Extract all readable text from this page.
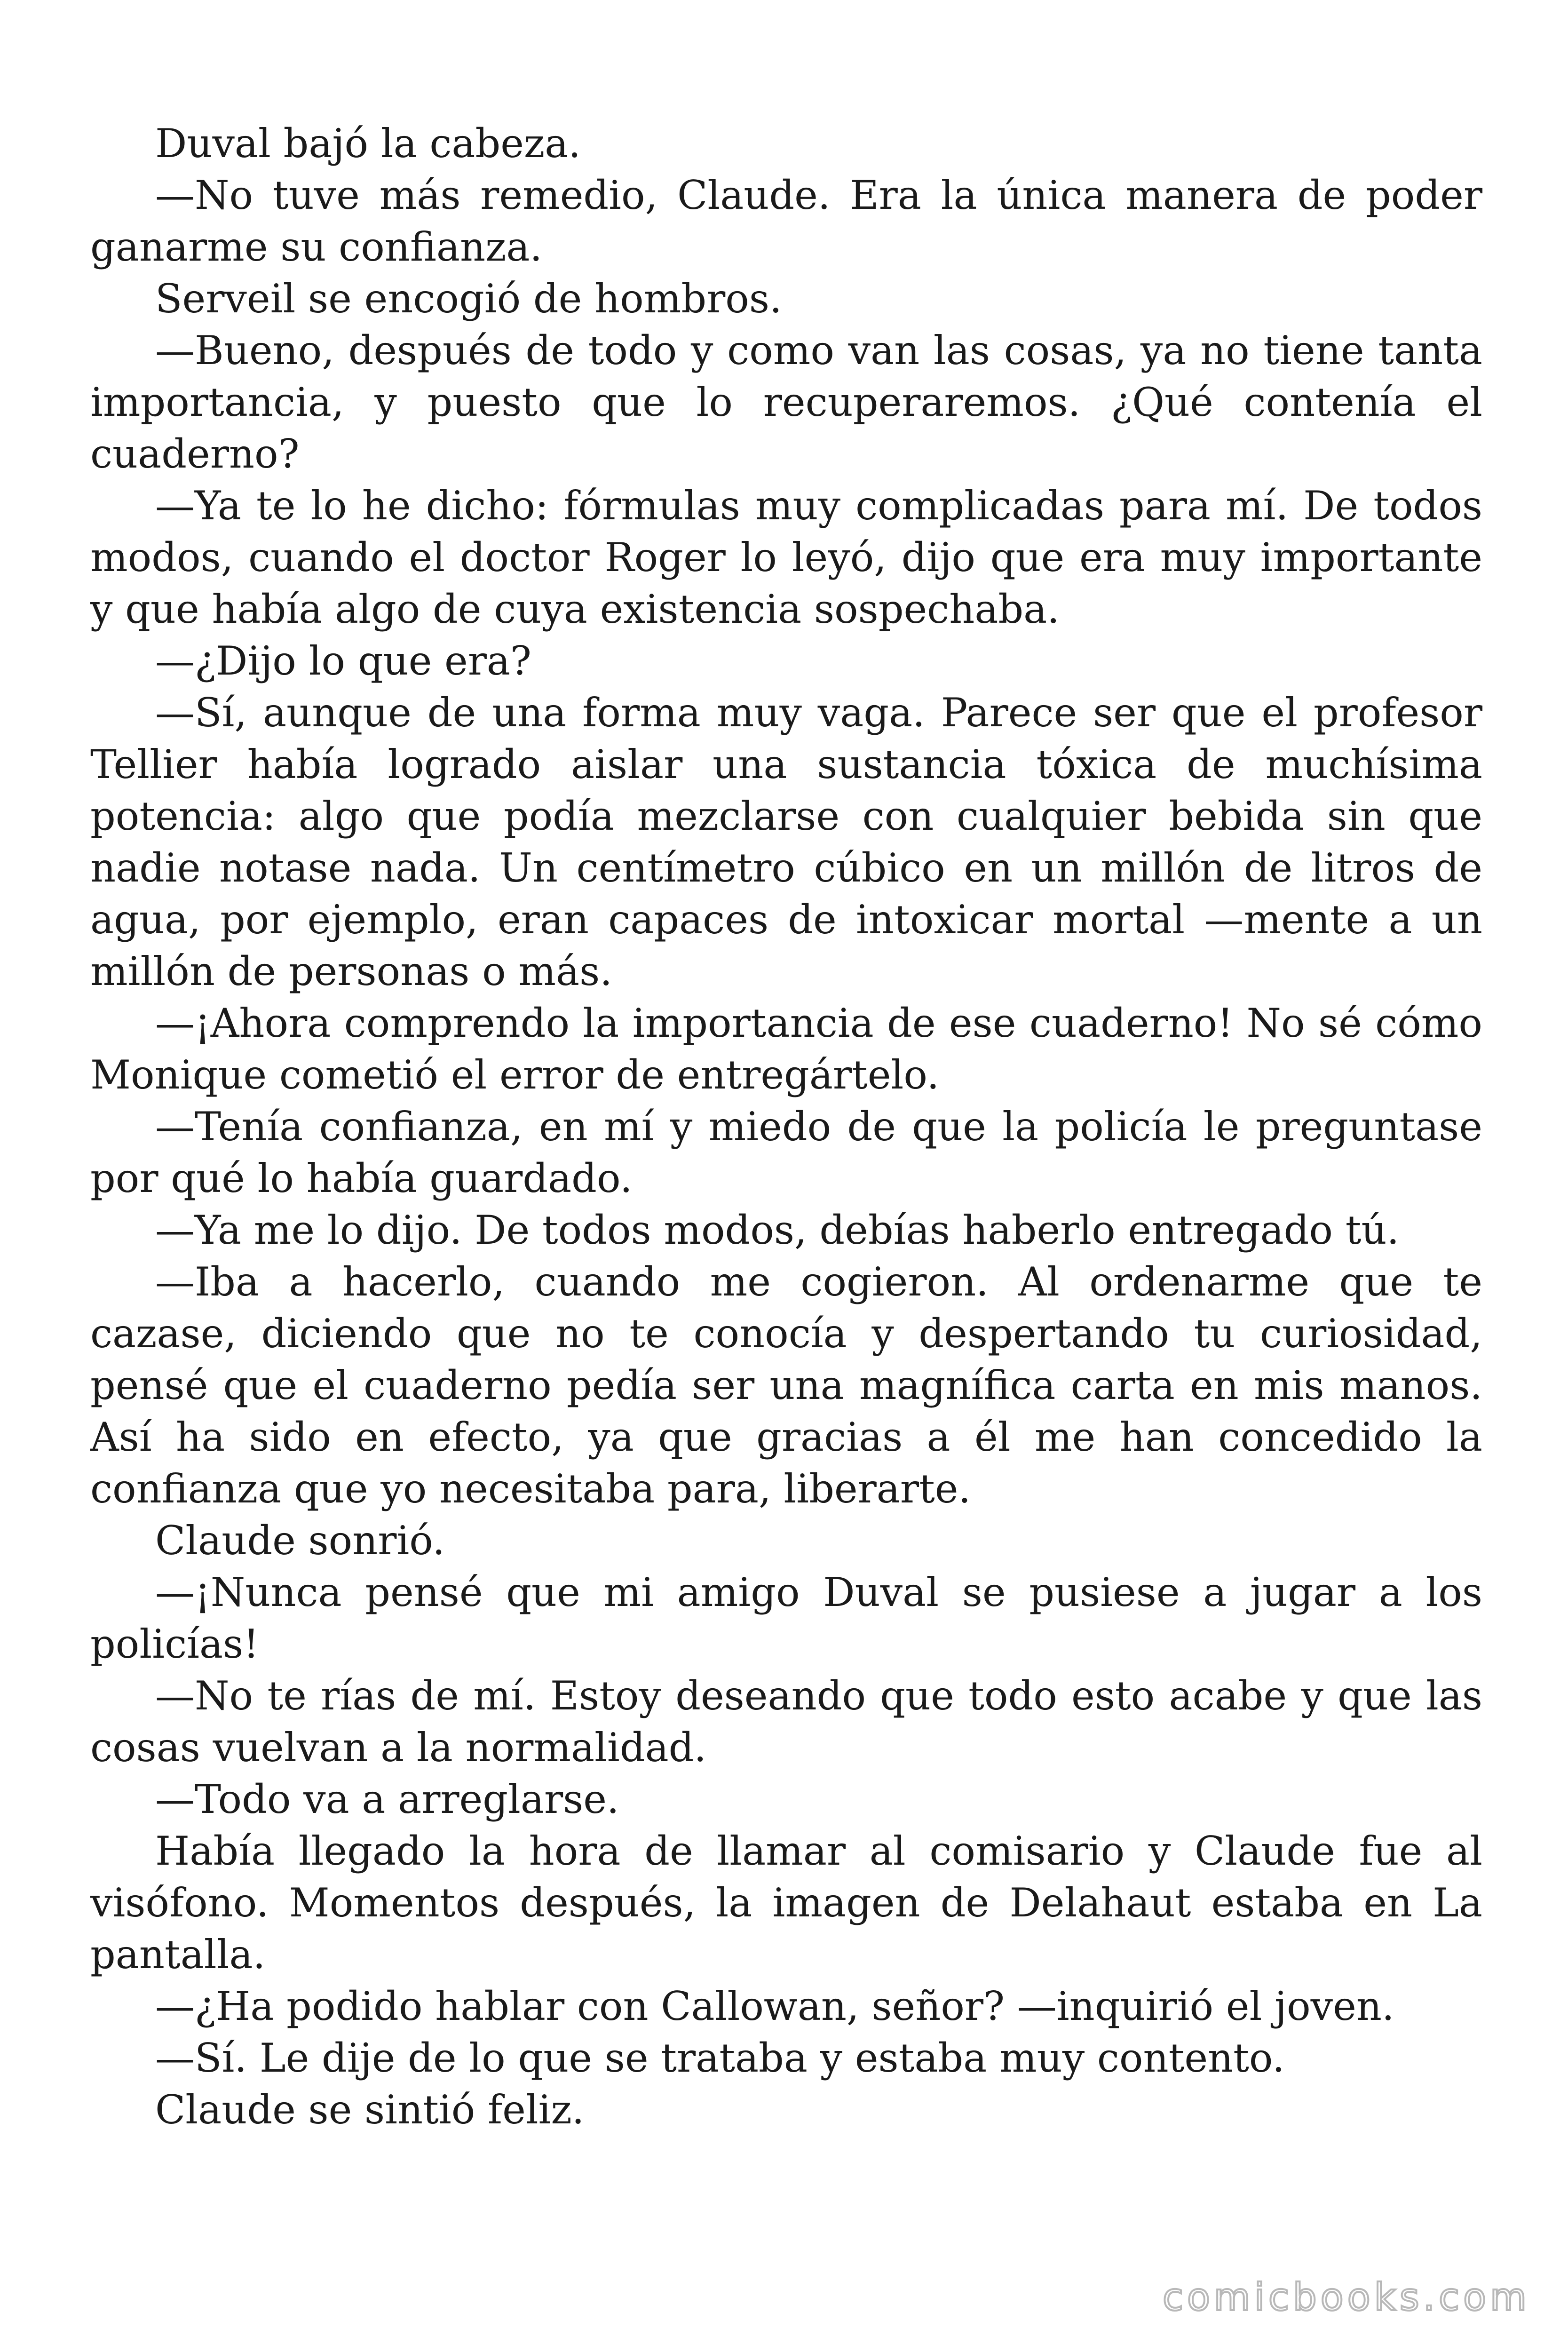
Duval bajó la cabeza.

—No tuve más remedio, Claude. Era la única manera de poder ganarme su confianza.

Serveil se encogió de hombros.

—Bueno, después de todo y como van las cosas, ya no tiene tanta importancia, y puesto que lo recuperaremos. ¿Qué contenía el cuaderno?

—Ya te lo he dicho: fórmulas muy complicadas para mí. De todos modos, cuando el doctor Roger lo leyó, dijo que era muy importante y que había algo de cuya existencia sospechaba.

—¿Dijo lo que era?

—Sí, aunque de una forma muy vaga. Parece ser que el profesor Tellier había logrado aislar una sustancia tóxica de muchísima potencia: algo que podía mezclarse con cualquier bebida sin que nadie notase nada. Un centímetro cúbico en un millón de litros de agua, por ejemplo, eran capaces de intoxicar mortal —mente a un millón de personas o más.

—¡Ahora comprendo la importancia de ese cuaderno! No sé cómo Monique cometió el error de entregártelo.

—Tenía confianza, en mí y miedo de que la policía le preguntase por qué lo había guardado.

—Ya me lo dijo. De todos modos, debías haberlo entregado tú.

—Iba a hacerlo, cuando me cogieron. Al ordenarme que te cazase, diciendo que no te conocía y despertando tu curiosidad, pensé que el cuaderno pedía ser una magnífica carta en mis manos. Así ha sido en efecto, ya que gracias a él me han concedido la confianza que yo necesitaba para, liberarte.

Claude sonrió.

—¡Nunca pensé que mi amigo Duval se pusiese a jugar a los policías!

—No te rías de mí. Estoy deseando que todo esto acabe y que las cosas vuelvan a la normalidad.

—Todo va a arreglarse.

Había llegado la hora de llamar al comisario y Claude fue al visófono. Momentos después, la imagen de Delahaut estaba en La pantalla.

—¿Ha podido hablar con Callowan, señor? —inquirió el joven.

—Sí. Le dije de lo que se trataba y estaba muy contento.

Claude se sintió feliz.

comicbooks.com
